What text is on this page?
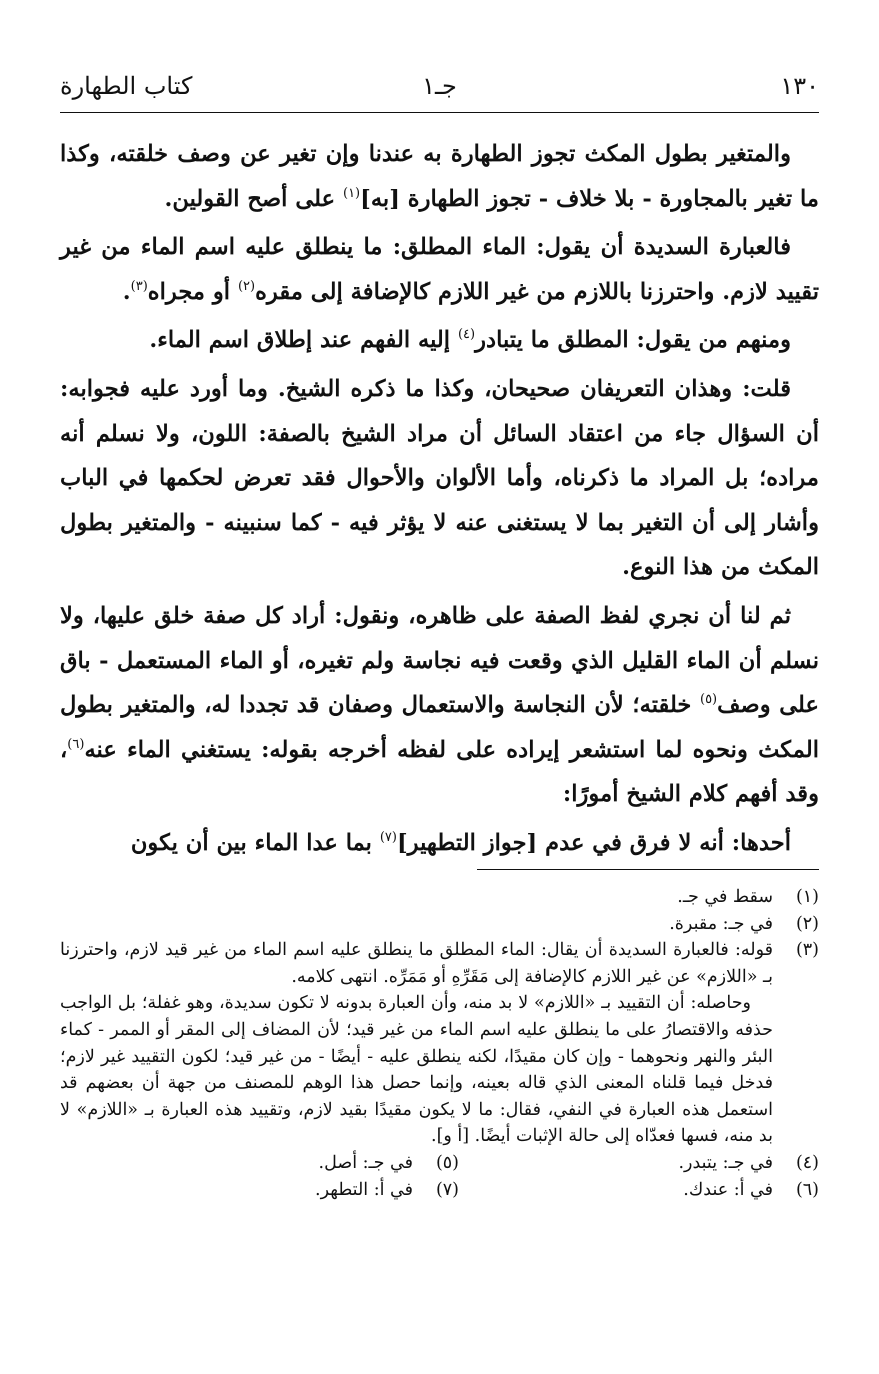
١٣٠
جـ١
كتاب الطهارة

والمتغير بطول المكث تجوز الطهارة به عندنا وإن تغير عن وصف خلقته، وكذا ما تغير بالمجاورة - بلا خلاف - تجوز الطهارة [به]$^{(١)}$ على أصح القولين.

فالعبارة السديدة أن يقول: الماء المطلق: ما ينطلق عليه اسم الماء من غير تقييد لازم. واحترزنا باللازم من غير اللازم كالإضافة إلى مقره$^{(٢)}$ أو مجراه$^{(٣)}$.

ومنهم من يقول: المطلق ما يتبادر$^{(٤)}$ إليه الفهم عند إطلاق اسم الماء.

قلت: وهذان التعريفان صحيحان، وكذا ما ذكره الشيخ. وما أورد عليه فجوابه: أن السؤال جاء من اعتقاد السائل أن مراد الشيخ بالصفة: اللون، ولا نسلم أنه مراده؛ بل المراد ما ذكرناه، وأما الألوان والأحوال فقد تعرض لحكمها في الباب وأشار إلى أن التغير بما لا يستغنى عنه لا يؤثر فيه - كما سنبينه - والمتغير بطول المكث من هذا النوع.

ثم لنا أن نجري لفظ الصفة على ظاهره، ونقول: أراد كل صفة خلق عليها، ولا نسلم أن الماء القليل الذي وقعت فيه نجاسة ولم تغيره، أو الماء المستعمل - باق على وصف$^{(٥)}$ خلقته؛ لأن النجاسة والاستعمال وصفان قد تجددا له، والمتغير بطول المكث ونحوه لما استشعر إيراده على لفظه أخرجه بقوله: يستغني الماء عنه$^{(٦)}$، وقد أفهم كلام الشيخ أمورًا:

أحدها: أنه لا فرق في عدم [جواز التطهير]$^{(٧)}$ بما عدا الماء بين أن يكون

(١)

سقط في جـ.

(٢)

في جـ: مقبرة.

(٣)

قوله: فالعبارة السديدة أن يقال: الماء المطلق ما ينطلق عليه اسم الماء من غير قيد لازم، واحترزنا بـ «اللازم» عن غير اللازم كالإضافة إلى مَقَرِّهِ أو مَمَرِّه. انتهى كلامه.

وحاصله: أن التقييد بـ «اللازم» لا بد منه، وأن العبارة بدونه لا تكون سديدة، وهو غفلة؛ بل الواجب حذفه والاقتصارُ على ما ينطلق عليه اسم الماء من غير قيد؛ لأن المضاف إلى المقر أو الممر - كماء البئر والنهر ونحوهما - وإن كان مقيدًا، لكنه ينطلق عليه - أيضًا - من غير قيد؛ لكون التقييد غير لازم؛ فدخل فيما قلناه المعنى الذي قاله بعينه، وإنما حصل هذا الوهم للمصنف من جهة أن بعضهم قد استعمل هذه العبارة في النفي، فقال: ما لا يكون مقيدًا بقيد لازم، وتقييد هذه العبارة بـ «اللازم» لا بد منه، فسها فعدّاه إلى حالة الإثبات أيضًا. [أ و].

(٤)
في جـ: يتبدر.
(٥)
في جـ: أصل.
(٦)
في أ: عندك.
(٧)
في أ: التطهر.
